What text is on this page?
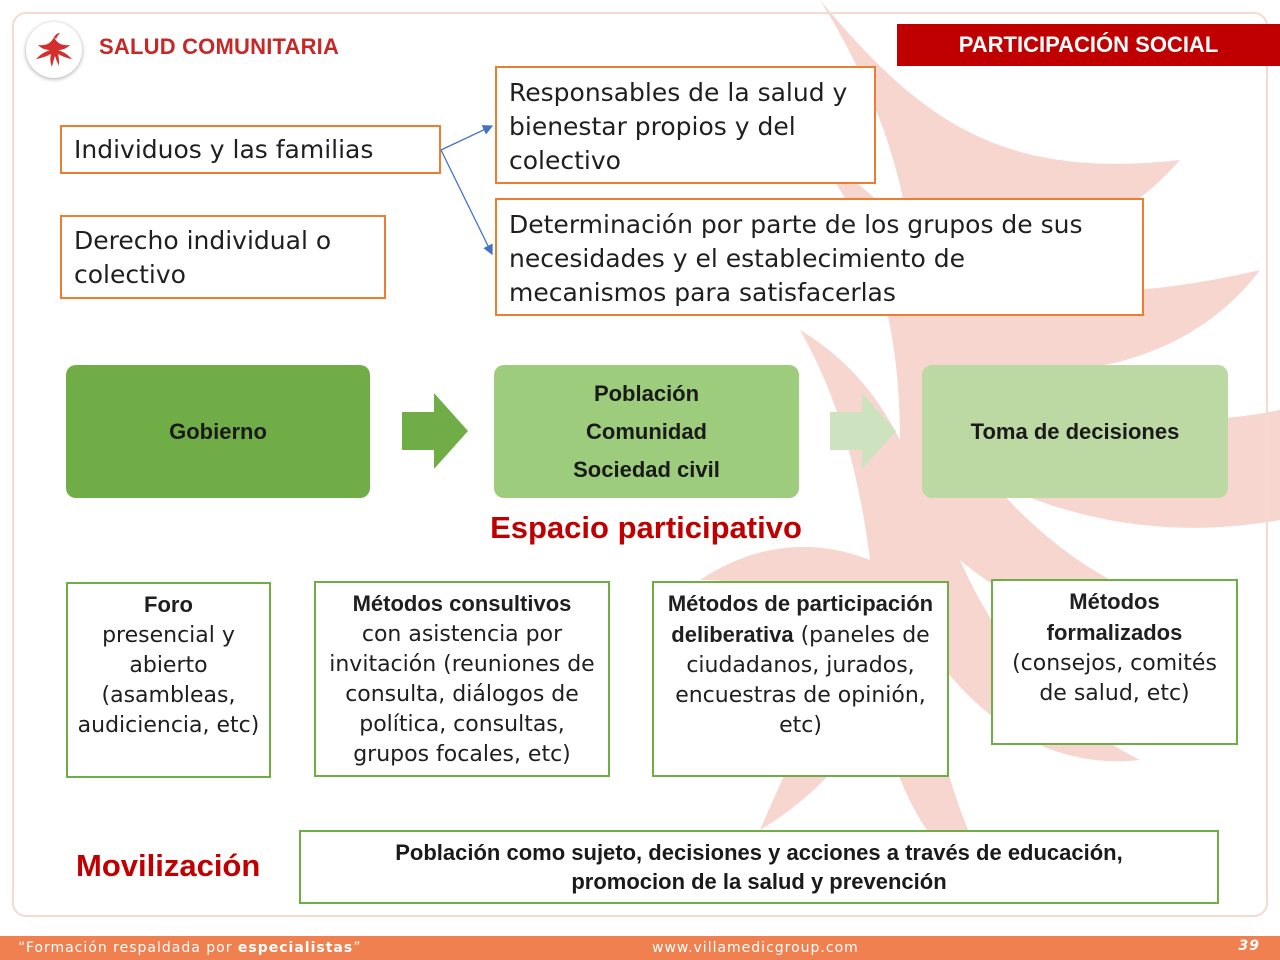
SALUD COMUNITARIA	PARTICIPACIÓN SOCIAL
Individuos y las familias
Derecho individual o colectivo
Responsables de la salud y bienestar propios y del colectivo
Determinación por parte de los grupos de sus necesidades y el establecimiento de mecanismos para satisfacerlas
Gobierno
Población
Comunidad
Sociedad civil
Toma de decisiones
Espacio participativo
Foro
presencial y abierto (asambleas, audiciencia, etc)
Métodos consultivos
con asistencia por invitación (reuniones de consulta, diálogos de política, consultas, grupos focales, etc)
Métodos de participación deliberativa (paneles de ciudadanos, jurados, encuestras de opinión, etc)
Métodos formalizados
(consejos, comités de salud, etc)
Movilización	Población como sujeto, decisiones y acciones a través de educación,
promocion de la salud y prevención
“Formación respaldada por especialistas”	www.villamedicgroup.com	39
